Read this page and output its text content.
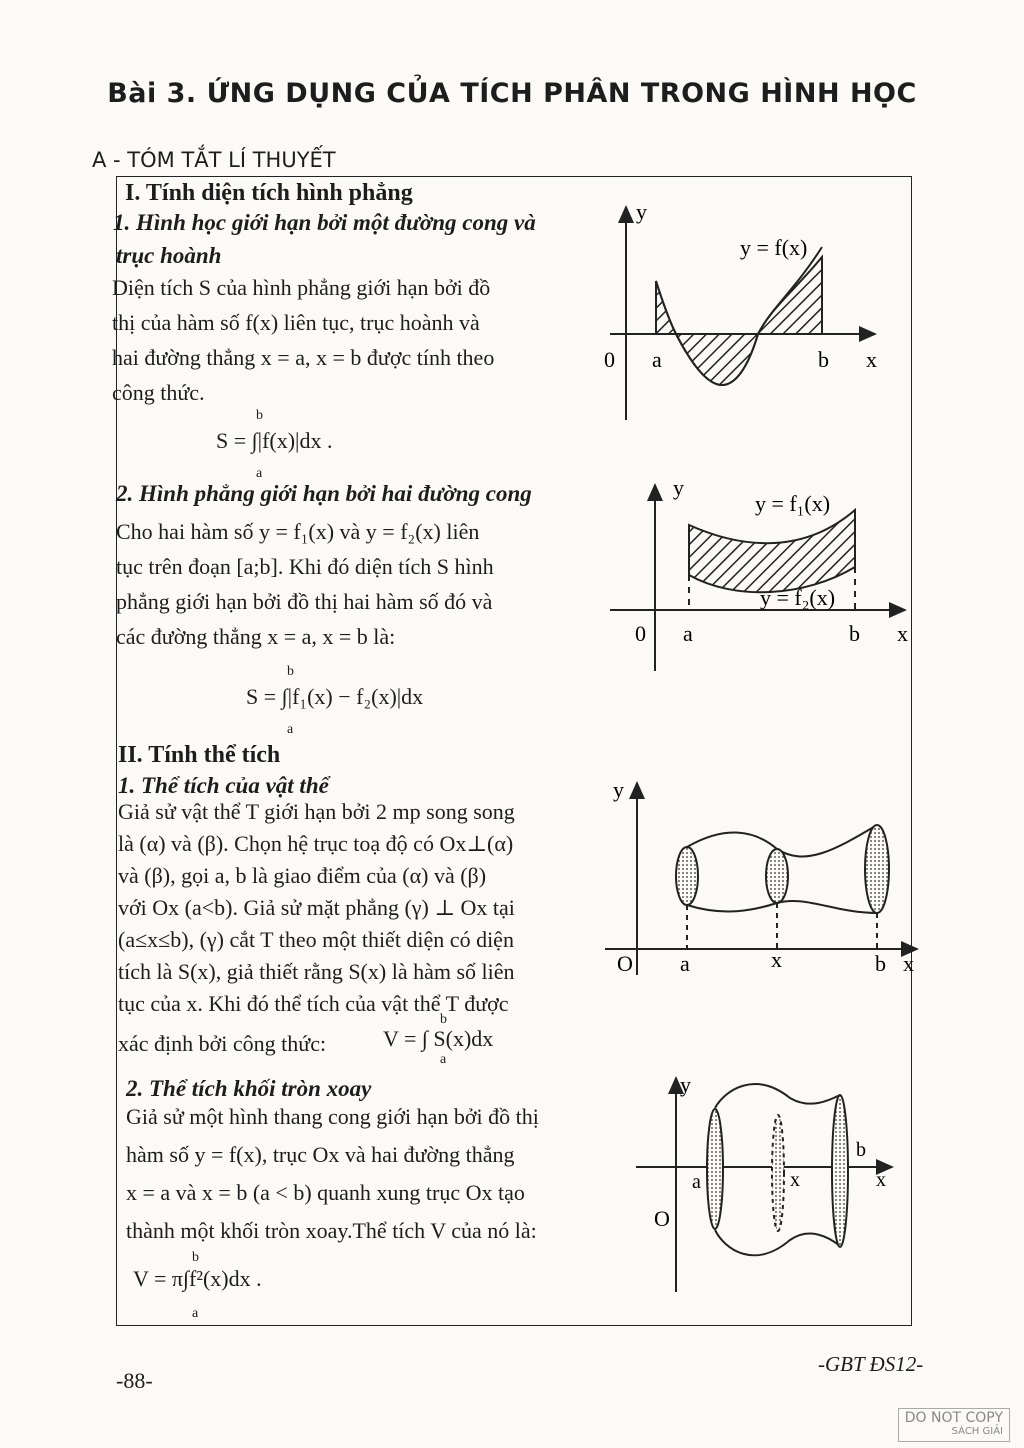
Bài 3. ỨNG DỤNG CỦA TÍCH PHÂN TRONG HÌNH HỌC
A - TÓM TẮT LÍ THUYẾT
I. Tính diện tích hình phẳng
1. Hình học giới hạn bởi một đường cong và
trục hoành
Diện tích S của hình phẳng giới hạn bởi đồ
thị của hàm số f(x) liên tục, trục hoành và
hai đường thẳng x = a, x = b được tính theo
công thức.
S = ∫|f(x)|dx .
b
a
y
y = f(x)
0 a	b x
2. Hình phẳng giới hạn bởi hai đường cong
Cho hai hàm số y = f₁(x) và y = f₂(x) liên
tục trên đoạn [a;b]. Khi đó diện tích S hình
phẳng giới hạn bởi đồ thị hai hàm số đó và
các đường thẳng x = a, x = b là:
S = ∫|f₁(x) − f₂(x)|dx
b
a
y
y = f₁(x)
y = f₂(x)
0 a	b x
II. Tính thể tích
1. Thể tích của vật thể
Giả sử vật thể T giới hạn bởi 2 mp song song
là (α) và (β). Chọn hệ trục toạ độ có Ox⊥(α)
và (β), gọi a, b là giao điểm của (α) và (β)
với Ox (a<b). Giả sử mặt phẳng (γ) ⊥ Ox tại
(a≤x≤b), (γ) cắt T theo một thiết diện có diện
tích là S(x), giả thiết rằng S(x) là hàm số liên
tục của x. Khi đó thể tích của vật thể T được
xác định bởi công thức:	V = ∫ S(x)dx
b
a
y
O a	x	b x
2. Thể tích khối tròn xoay
Giả sử một hình thang cong giới hạn bởi đồ thị
hàm số y = f(x), trục Ox và hai đường thẳng
x = a và x = b (a < b) quanh xung trục Ox tạo
thành một khối tròn xoay.Thể tích V của nó là:
V = π∫f²(x)dx .
b
a
y
O
a	x
b
x
-88-
-GBT ĐS12-
DO NOT COPY
SÁCH GIẢI
